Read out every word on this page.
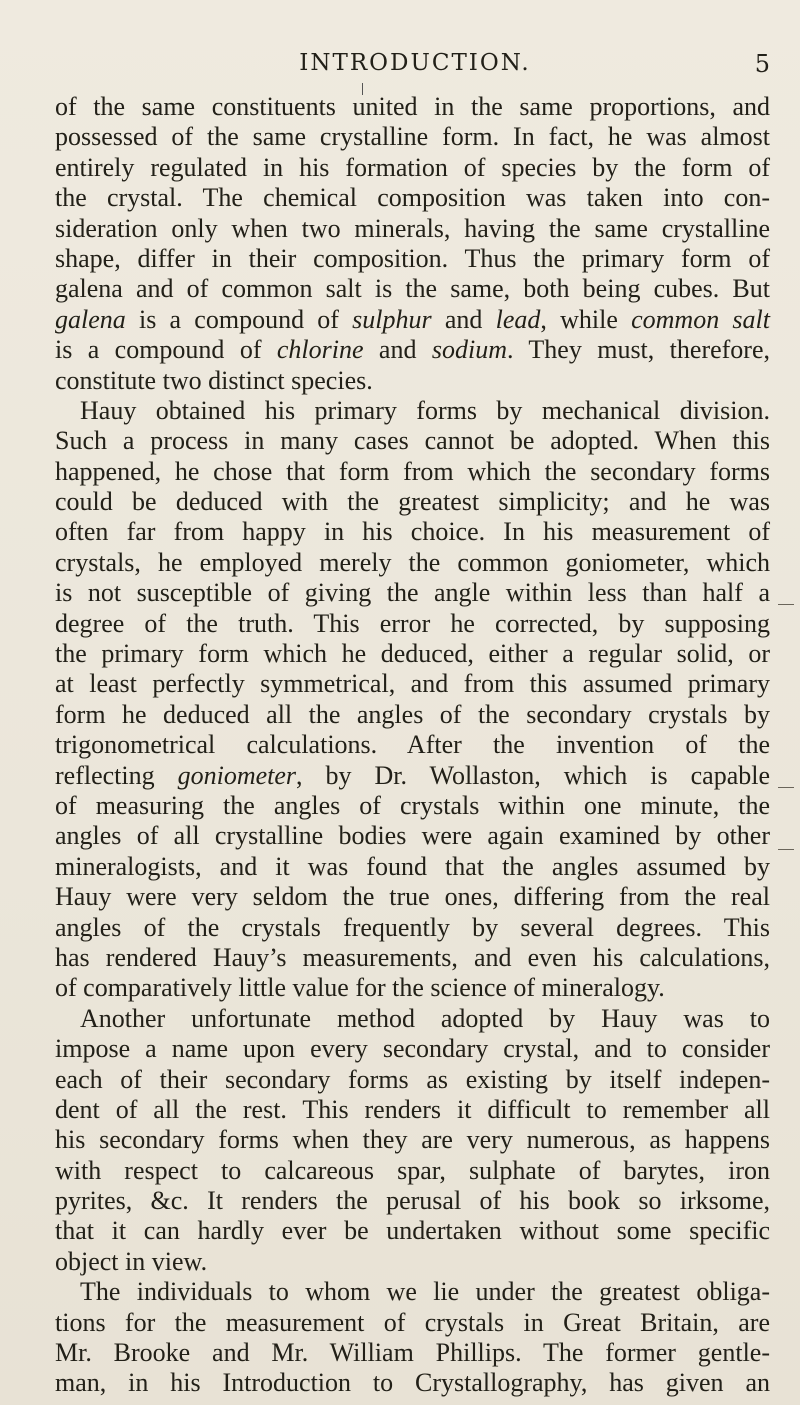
INTRODUCTION.	5
of the same constituents united in the same proportions, and
possessed of the same crystalline form. In fact, he was almost
entirely regulated in his formation of species by the form of
the crystal. The chemical composition was taken into con-
sideration only when two minerals, having the same crystalline
shape, differ in their composition. Thus the primary form of
galena and of common salt is the same, both being cubes. But
galena is a compound of sulphur and lead, while common salt
is a compound of chlorine and sodium. They must, therefore,
constitute two distinct species.
Hauy obtained his primary forms by mechanical division.
Such a process in many cases cannot be adopted. When this
happened, he chose that form from which the secondary forms
could be deduced with the greatest simplicity; and he was
often far from happy in his choice. In his measurement of
crystals, he employed merely the common goniometer, which
is not susceptible of giving the angle within less than half a
degree of the truth. This error he corrected, by supposing
the primary form which he deduced, either a regular solid, or
at least perfectly symmetrical, and from this assumed primary
form he deduced all the angles of the secondary crystals by
trigonometrical calculations. After the invention of the
reflecting goniometer, by Dr. Wollaston, which is capable
of measuring the angles of crystals within one minute, the
angles of all crystalline bodies were again examined by other
mineralogists, and it was found that the angles assumed by
Hauy were very seldom the true ones, differing from the real
angles of the crystals frequently by several degrees. This
has rendered Hauy’s measurements, and even his calculations,
of comparatively little value for the science of mineralogy.
Another unfortunate method adopted by Hauy was to
impose a name upon every secondary crystal, and to consider
each of their secondary forms as existing by itself indepen-
dent of all the rest. This renders it difficult to remember all
his secondary forms when they are very numerous, as happens
with respect to calcareous spar, sulphate of barytes, iron
pyrites, &c. It renders the perusal of his book so irksome,
that it can hardly ever be undertaken without some specific
object in view.
The individuals to whom we lie under the greatest obliga-
tions for the measurement of crystals in Great Britain, are
Mr. Brooke and Mr. William Phillips. The former gentle-
man, in his Introduction to Crystallography, has given an
